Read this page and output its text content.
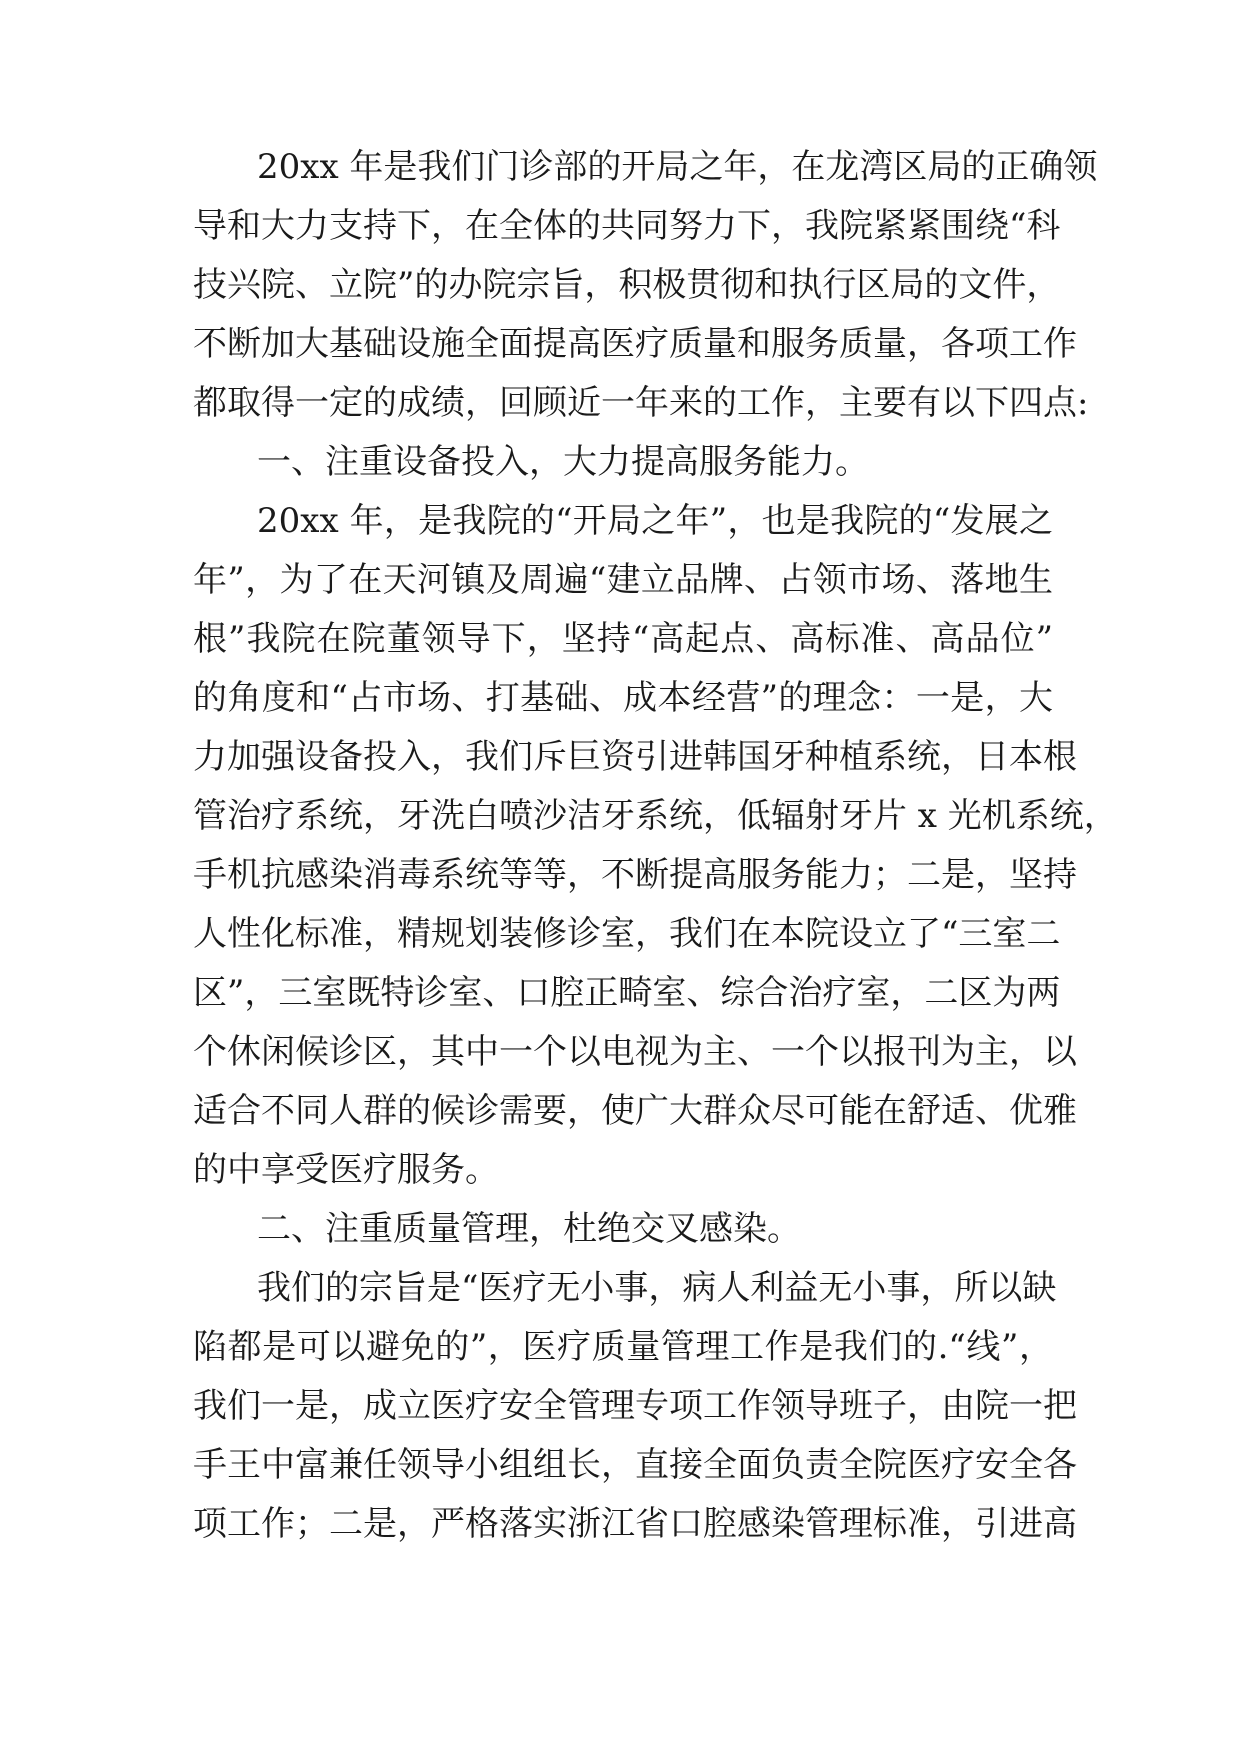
20xx 年是我们门诊部的开局之年，在龙湾区局的正确领
导和大力支持下，在全体的共同努力下，我院紧紧围绕“科
技兴院、立院”的办院宗旨，积极贯彻和执行区局的文件，
不断加大基础设施全面提高医疗质量和服务质量，各项工作
都取得一定的成绩，回顾近一年来的工作，主要有以下四点:
一、注重设备投入，大力提高服务能力。
20xx 年，是我院的“开局之年”，也是我院的“发展之
年”，为了在天河镇及周遍“建立品牌、占领市场、落地生
根”我院在院董领导下，坚持“高起点、高标准、高品位”
的角度和“占市场、打基础、成本经营”的理念：一是，大
力加强设备投入，我们斥巨资引进韩国牙种植系统，日本根
管治疗系统，牙洗白喷沙洁牙系统，低辐射牙片 x 光机系统，
手机抗感染消毒系统等等，不断提高服务能力；二是，坚持
人性化标准，精规划装修诊室，我们在本院设立了“三室二
区”，三室既特诊室、口腔正畸室、综合治疗室，二区为两
个休闲候诊区，其中一个以电视为主、一个以报刊为主，以
适合不同人群的候诊需要，使广大群众尽可能在舒适、优雅
的中享受医疗服务。
二、注重质量管理，杜绝交叉感染。
我们的宗旨是“医疗无小事，病人利益无小事，所以缺
陷都是可以避免的”，医疗质量管理工作是我们的.“线”，
我们一是，成立医疗安全管理专项工作领导班子，由院一把
手王中富兼任领导小组组长，直接全面负责全院医疗安全各
项工作；二是，严格落实浙江省口腔感染管理标准，引进高
